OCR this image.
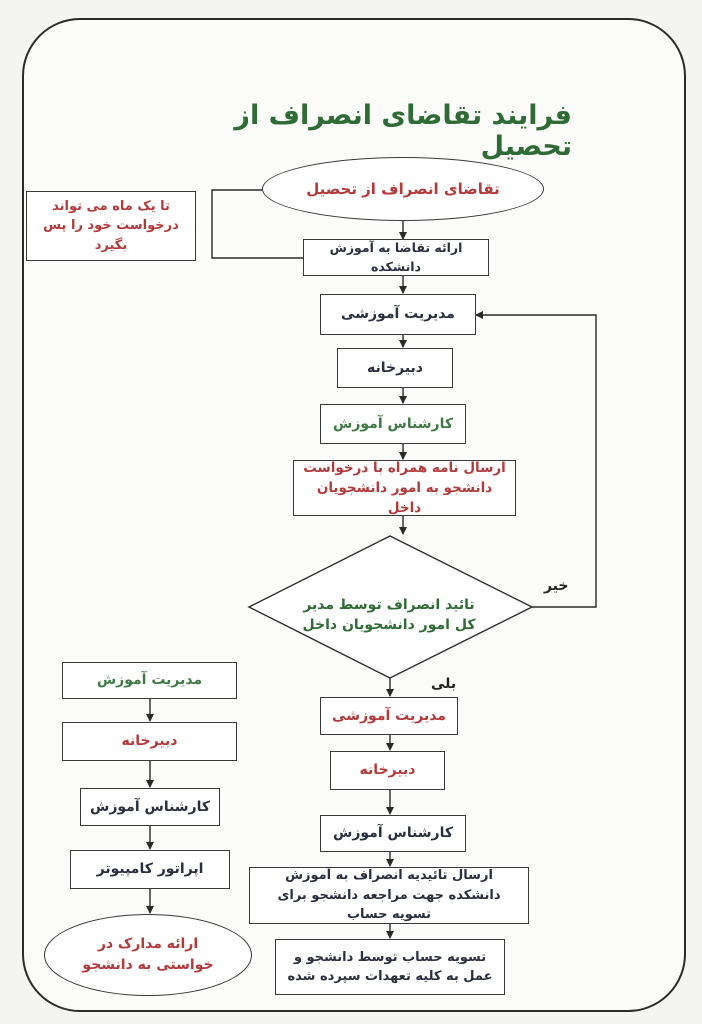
فرایند تقاضای انصراف از تحصیل
تقاضای انصراف از تحصیل
تا یک ماه می تواند درخواست خود را پس بگیرد	ارائه تقاضا به آموزش دانشکده
مدیریت آموزشی
دبیرخانه
کارشناس آموزش
ارسال نامه همراه با درخواست دانشجو به امور دانشجویان داخل
تائید انصراف توسط مدیر کل امور دانشجویان داخل
خیر
بلی
مدیریت آموزشی
دبیرخانه
کارشناس آموزش
ارسال تائیدیه انصراف به آموزش دانشکده جهت مراجعه دانشجو برای تسویه حساب
تسویه حساب توسط دانشجو و عمل به کلیه تعهدات سپرده شده
مدیریت آموزش
دبیرخانه
کارشناس آموزش
اپراتور کامپیوتر
ارائه مدارک در خواستی به دانشجو
